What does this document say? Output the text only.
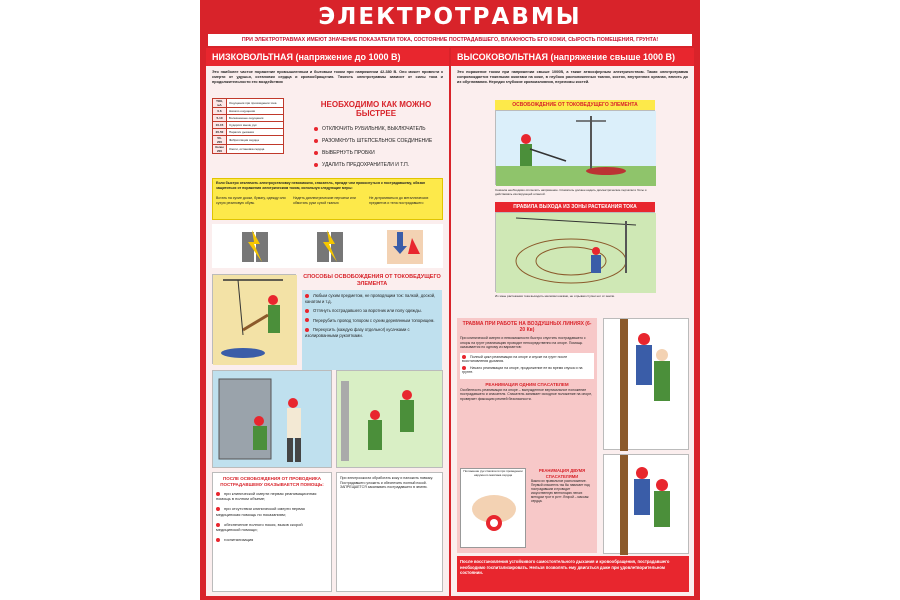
ЭЛЕКТРОТРАВМЫ
ПРИ ЭЛЕКТРОТРАВМАХ ИМЕЮТ ЗНАЧЕНИЕ ПОКАЗАТЕЛИ ТОКА, СОСТОЯНИЕ ПОСТРАДАВШЕГО, ВЛАЖНОСТЬ ЕГО КОЖИ, СЫРОСТЬ ПОМЕЩЕНИЯ, ГРУНТА!
НИЗКОВОЛЬТНАЯ (напряжение до 1000 В)
Это наиболее частое поражение промышленным и бытовым током при напряжении 42-380 В. Оно может привести к смерти от удушья, остановки сердца и кровообращения. Тяжесть электротравмы зависит от силы тока и продолжительности его воздействия
ТОК, мА	Ощущения при прохождении тока
0.6	Начало ощущения
5-10	Болезненные ощущения
10-15	Судороги мышц рук
20-50	Паралич дыхания
50-200	Фибрилляция сердца
более 200	Ожоги, остановка сердца
НЕОБХОДИМО КАК МОЖНО БЫСТРЕЕ
ОТКЛЮЧИТЬ РУБИЛЬНИК, ВЫКЛЮЧАТЕЛЬ
РАЗОМКНУТЬ ШТЕПСЕЛЬНОЕ СОЕДИНЕНИЕ
ВЫВЕРНУТЬ ПРОБКИ
УДАЛИТЬ ПРЕДОХРАНИТЕЛИ И Т.П.
Если быстро отключить электроустановку невозможно, спасатель, прежде чем прикоснуться к пострадавшему, обязан защититься от поражения электрическим током, используя следующие меры:
Встать на сухие доски, бумагу, одежду или сухую резиновую обувь
Надеть диэлектрические перчатки или обмотать руки сухой тканью
Не дотрагиваться до металлических предметов и тела пострадавшего
СПОСОБЫ ОСВОБОЖДЕНИЯ ОТ ТОКОВЕДУЩЕГО ЭЛЕМЕНТА
Любым сухим предметом, не проводящим ток: палкой, доской, канатом и т.д.
Оттянуть пострадавшего за воротник или полу одежды.
Перерубить провод топором с сухим деревянным топорищем.
Перекусить (каждую фазу отдельно!) кусачками с изолированными рукоятками.
ПОСЛЕ ОСВОБОЖДЕНИЯ ОТ ПРОВОДНИКА ПОСТРАДАВШЕМУ ОКАЗЫВАЕТСЯ ПОМОЩЬ:
при клинической смерти первая реанимационная помощь в полном объеме;
при отсутствии клинической смерти первая медицинская помощь по показаниям;
обеспечение полного покоя, вызов скорой медицинской помощи;
госпитализация
При электроожогах обработать кожу и наложить повязку. Пострадавшего уложить и обеспечить полный покой. ЗАПРЕЩАЕТСЯ закапывать пострадавшего в землю.
ВЫСОКОВОЛЬТНАЯ (напряжение свыше 1000 В)
Это поражение током при напряжении свыше 1000В, а также атмосферным электричеством. Такая электротравма сопровождается тяжелыми ожогами на коже, в глубоко расположенных тканях, костях, внутренних органах, вплоть до их обугливания. Нередки глубокие кровоизлияния, переломы костей.
ОСВОБОЖДЕНИЕ ОТ ТОКОВЕДУЩЕГО ЭЛЕМЕНТА
Сначала необходимо отключить напряжение. Спасатель должен надеть диэлектрические перчатки и боты и действовать изолирующей штангой.
ПРАВИЛА ВЫХОДА ИЗ ЗОНЫ РАСТЕКАНИЯ ТОКА
Из зоны растекания тока выходить мелкими шагами, не отрывая ступни ног от земли.
ТРАВМА ПРИ РАБОТЕ НА ВОЗДУШНЫХ ЛИНИЯХ (6-20 Кв)
При клинической смерти и невозможности быстро спустить пострадавшего с опоры на грунт реанимацию проводят непосредственно на опоре. Помощь оказывается по одному из вариантов:
Полный цикл реанимации на опоре и спуске на грунт после восстановления дыхания.
Начало реанимации на опоре, продолжение ее во время спуска и на грунте.
РЕАНИМАЦИЯ ОДНИМ СПАСАТЕЛЕМ
Особенность реанимации на опоре – вынужденное вертикальное положение пострадавшего и спасателя. Спасатель занимает исходное положение на опоре, проверяет фиксацию ремней безопасности.
Положение рук спасателя при проведении наружного массажа сердца
РЕАНИМАЦИЯ ДВУМЯ СПАСАТЕЛЯМИ
Важно их правильное расположение. Первый спасатель так бы нависает над пострадавшим и проводит искусственную вентиляцию легких методом «рот в рот». Второй – массаж сердца.
После восстановления устойчивого самостоятельного дыхания и кровообращения, пострадавшего необходимо госпитализировать. Нельзя позволять ему двигаться даже при удовлетворительном состоянии.
